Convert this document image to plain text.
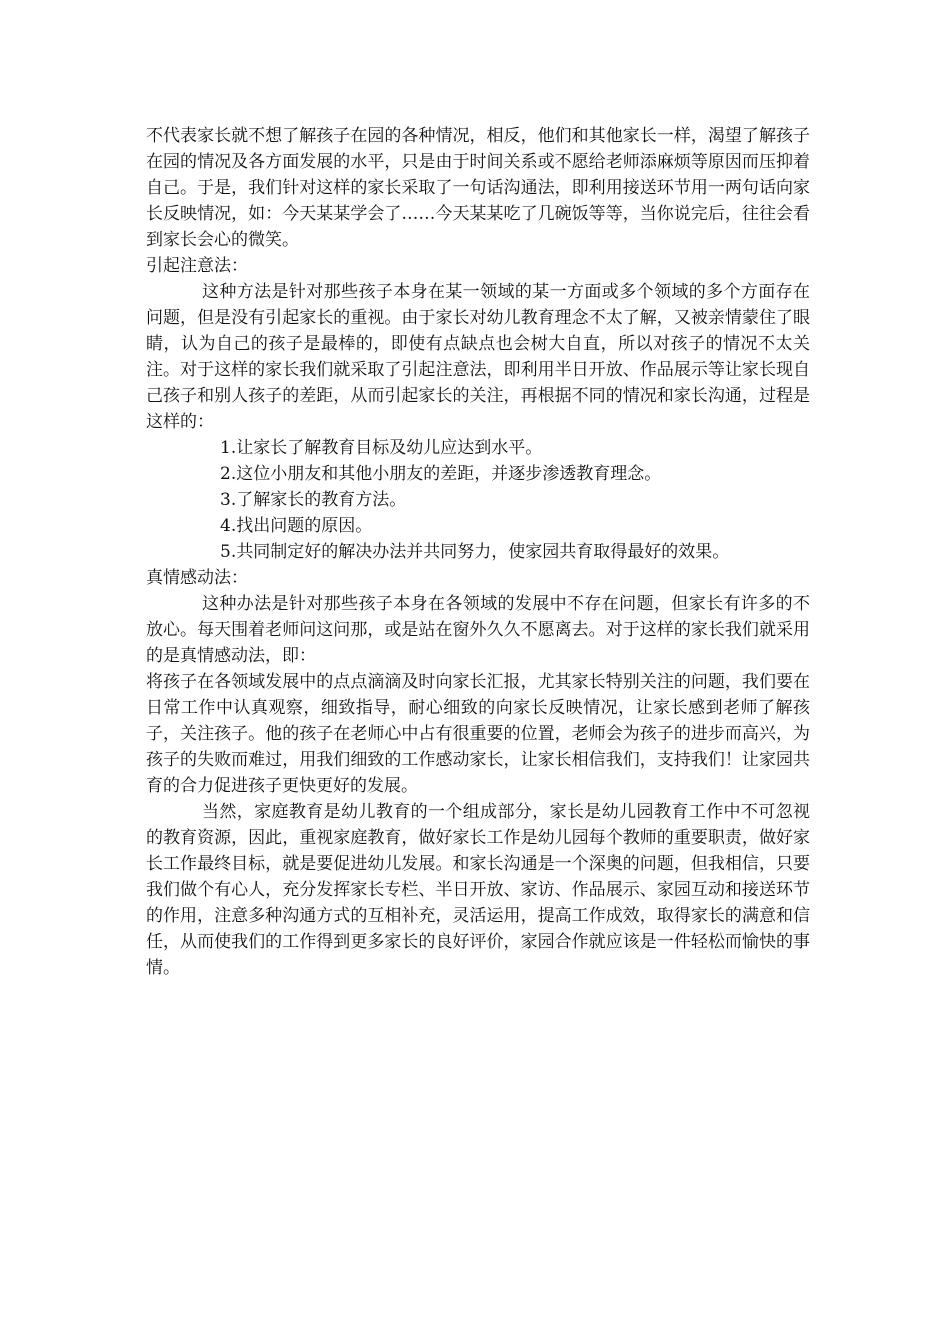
不代表家长就不想了解孩子在园的各种情况，相反，他们和其他家长一样，渴望了解孩子在园的情况及各方面发展的水平，只是由于时间关系或不愿给老师添麻烦等原因而压抑着自己。于是，我们针对这样的家长采取了一句话沟通法，即利用接送环节用一两句话向家长反映情况，如：今天某某学会了……今天某某吃了几碗饭等等，当你说完后，往往会看到家长会心的微笑。

引起注意法：

这种方法是针对那些孩子本身在某一领域的某一方面或多个领域的多个方面存在问题，但是没有引起家长的重视。由于家长对幼儿教育理念不太了解，又被亲情蒙住了眼睛，认为自己的孩子是最棒的，即使有点缺点也会树大自直，所以对孩子的情况不太关注。对于这样的家长我们就采取了引起注意法，即利用半日开放、作品展示等让家长现自己孩子和别人孩子的差距，从而引起家长的关注，再根据不同的情况和家长沟通，过程是这样的：

1.让家长了解教育目标及幼儿应达到水平。

2.这位小朋友和其他小朋友的差距，并逐步渗透教育理念。

3.了解家长的教育方法。

4.找出问题的原因。

5.共同制定好的解决办法并共同努力，使家园共育取得最好的效果。

真情感动法：

这种办法是针对那些孩子本身在各领域的发展中不存在问题，但家长有许多的不放心。每天围着老师问这问那，或是站在窗外久久不愿离去。对于这样的家长我们就采用的是真情感动法，即：

将孩子在各领域发展中的点点滴滴及时向家长汇报，尤其家长特别关注的问题，我们要在日常工作中认真观察，细致指导，耐心细致的向家长反映情况，让家长感到老师了解孩子，关注孩子。他的孩子在老师心中占有很重要的位置，老师会为孩子的进步而高兴，为孩子的失败而难过，用我们细致的工作感动家长，让家长相信我们，支持我们！让家园共育的合力促进孩子更快更好的发展。

当然，家庭教育是幼儿教育的一个组成部分，家长是幼儿园教育工作中不可忽视的教育资源，因此，重视家庭教育，做好家长工作是幼儿园每个教师的重要职责，做好家长工作最终目标，就是要促进幼儿发展。和家长沟通是一个深奥的问题，但我相信，只要我们做个有心人，充分发挥家长专栏、半日开放、家访、作品展示、家园互动和接送环节的作用，注意多种沟通方式的互相补充，灵活运用，提高工作成效，取得家长的满意和信任，从而使我们的工作得到更多家长的良好评价，家园合作就应该是一件轻松而愉快的事情。
